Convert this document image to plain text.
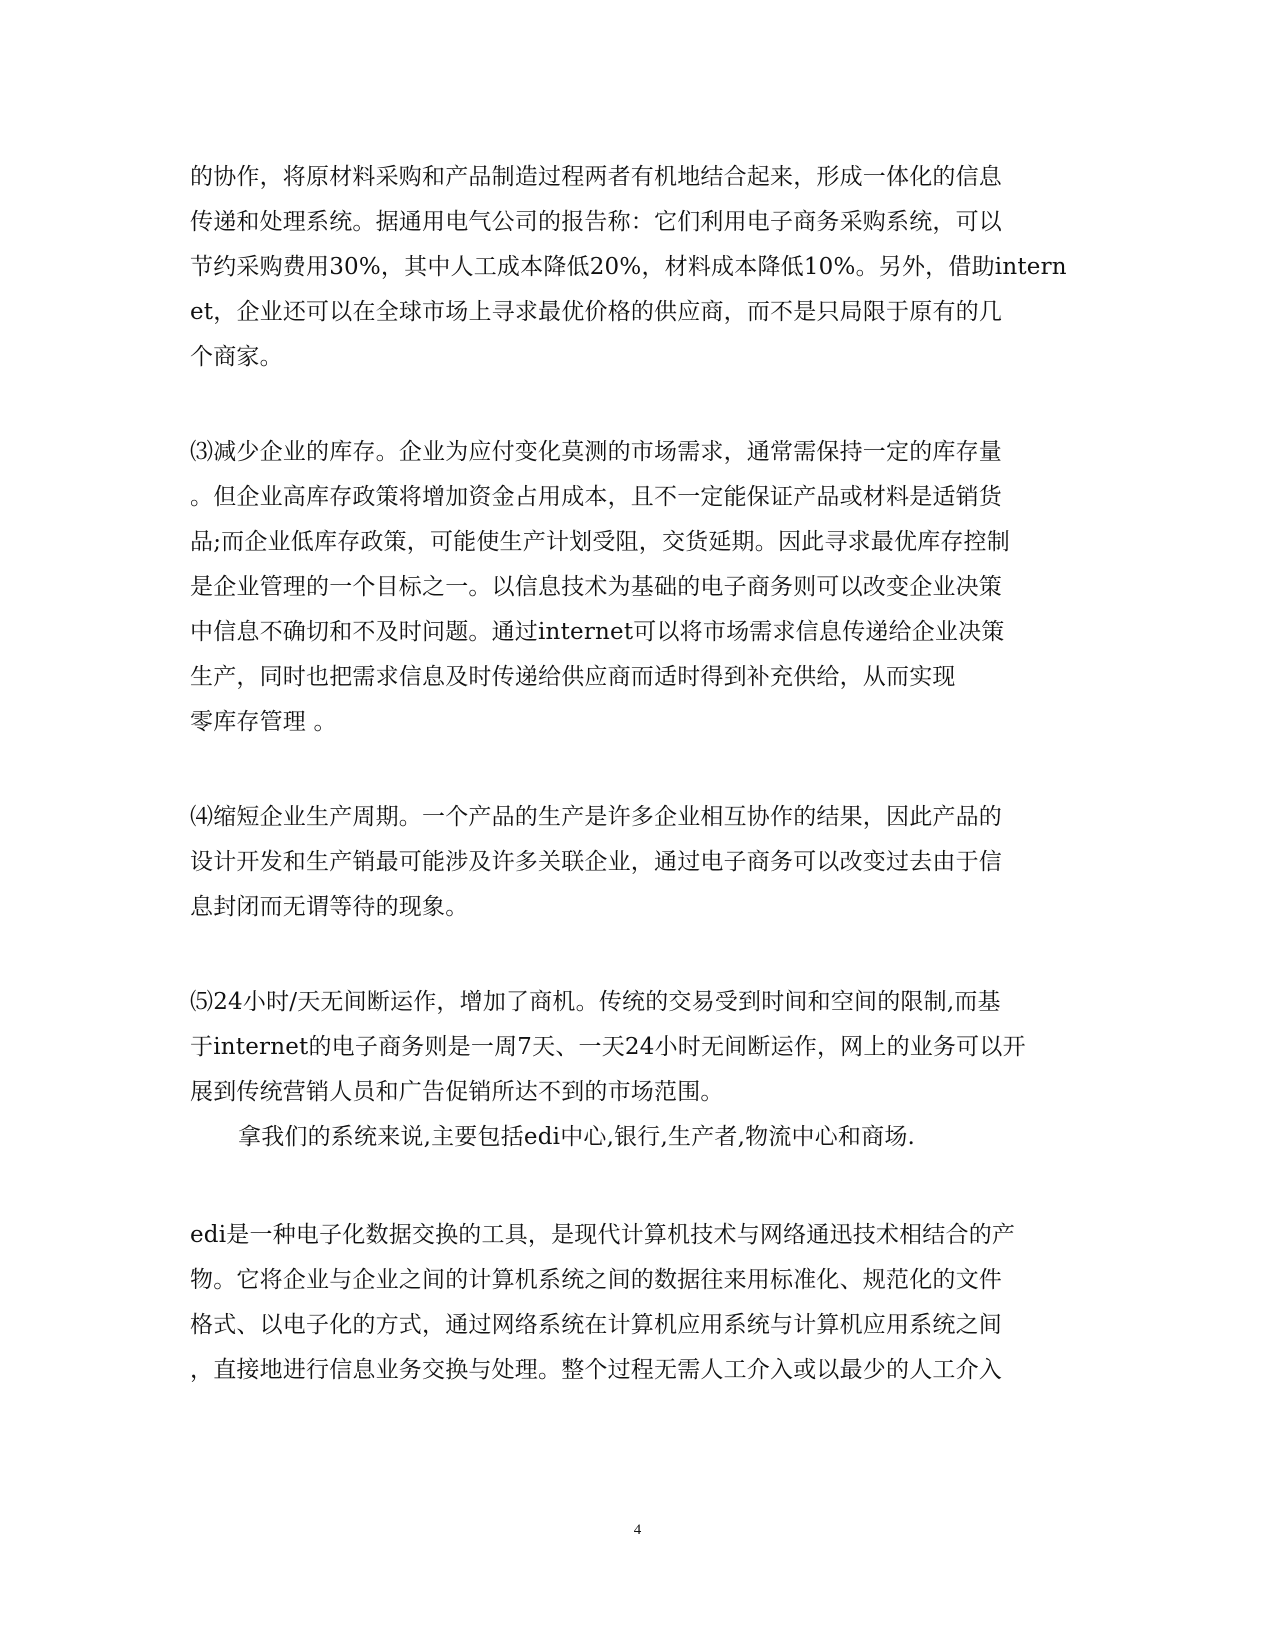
的协作，将原材料采购和产品制造过程两者有机地结合起来，形成一体化的信息
传递和处理系统。据通用电气公司的报告称：它们利用电子商务采购系统，可以
节约采购费用30%，其中人工成本降低20%，材料成本降低10%。另外，借助intern
et，企业还可以在全球市场上寻求最优价格的供应商，而不是只局限于原有的几
个商家。
⑶减少企业的库存。企业为应付变化莫测的市场需求，通常需保持一定的库存量
。但企业高库存政策将增加资金占用成本，且不一定能保证产品或材料是适销货
品;而企业低库存政策，可能使生产计划受阻，交货延期。因此寻求最优库存控制
是企业管理的一个目标之一。以信息技术为基础的电子商务则可以改变企业决策
中信息不确切和不及时问题。通过internet可以将市场需求信息传递给企业决策
生产，同时也把需求信息及时传递给供应商而适时得到补充供给，从而实现
零库存管理 。
⑷缩短企业生产周期。一个产品的生产是许多企业相互协作的结果，因此产品的
设计开发和生产销最可能涉及许多关联企业，通过电子商务可以改变过去由于信
息封闭而无谓等待的现象。
⑸24小时/天无间断运作，增加了商机。传统的交易受到时间和空间的限制,而基
于internet的电子商务则是一周7天、一天24小时无间断运作，网上的业务可以开
展到传统营销人员和广告促销所达不到的市场范围。
拿我们的系统来说,主要包括edi中心,银行,生产者,物流中心和商场.
edi是一种电子化数据交换的工具，是现代计算机技术与网络通迅技术相结合的产
物。它将企业与企业之间的计算机系统之间的数据往来用标准化、规范化的文件
格式、以电子化的方式，通过网络系统在计算机应用系统与计算机应用系统之间
，直接地进行信息业务交换与处理。整个过程无需人工介入或以最少的人工介入
4
